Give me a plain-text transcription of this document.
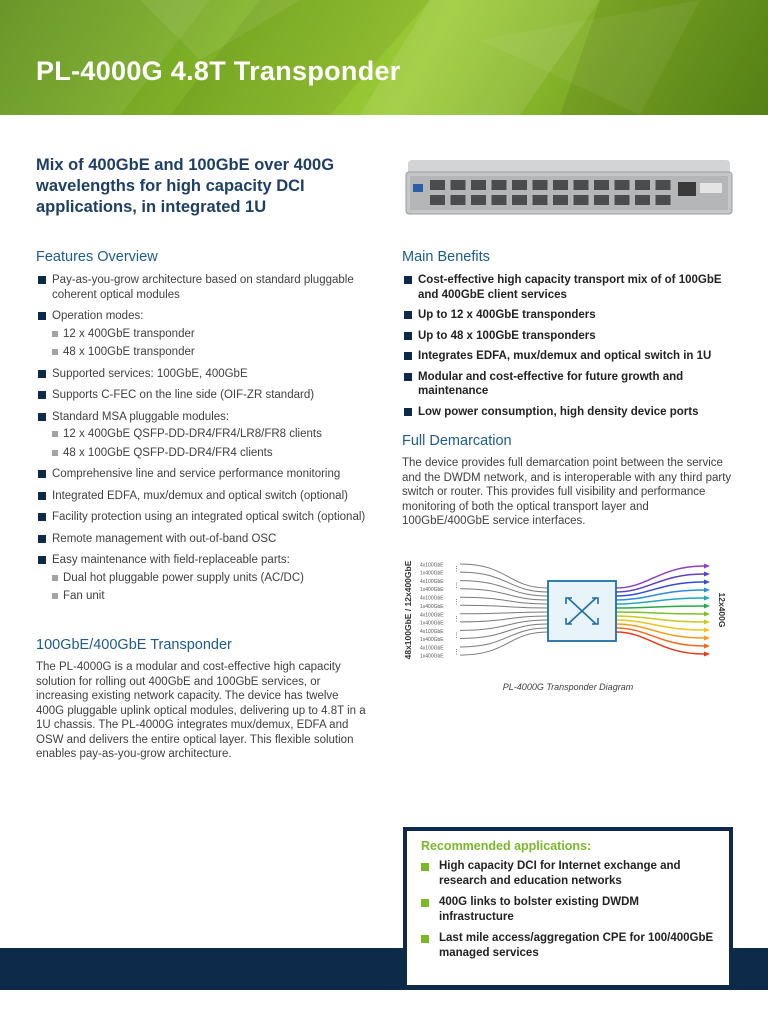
PL-4000G 4.8T Transponder

Mix of 400GbE and 100GbE over 400G wavelengths for high capacity DCI applications, in integrated 1U

Features Overview
Pay-as-you-grow architecture based on standard pluggable coherent optical modules
Operation modes:
12 x 400GbE transponder
48 x 100GbE transponder
Supported services: 100GbE, 400GbE
Supports C-FEC on the line side (OIF-ZR standard)
Standard MSA pluggable modules:
12 x 400GbE QSFP-DD-DR4/FR4/LR8/FR8 clients
48 x 100GbE QSFP-DD-DR4/FR4 clients
Comprehensive line and service performance monitoring
Integrated EDFA, mux/demux and optical switch (optional)
Facility protection using an integrated optical switch (optional)
Remote management with out-of-band OSC
Easy maintenance with field-replaceable parts:
Dual hot pluggable power supply units (AC/DC)
Fan unit
100GbE/400GbE Transponder

The PL-4000G is a modular and cost-effective high capacity solution for rolling out 400GbE and 100GbE services, or increasing existing network capacity. The device has twelve 400G pluggable uplink optical modules, delivering up to 4.8T in a 1U chassis. The PL-4000G integrates mux/demux, EDFA and OSW and delivers the entire optical layer. This flexible solution enables pay-as-you-grow architecture.

Main Benefits
Cost-effective high capacity transport mix of of 100GbE and 400GbE client services
Up to 12 x 400GbE transponders
Up to 48 x 100GbE transponders
Integrates EDFA, mux/demux and optical switch in 1U
Modular and cost-effective for future growth and maintenance
Low power consumption, high density device ports
Full Demarcation

The device provides full demarcation point between the service and the DWDM network, and is interoperable with any third party switch or router. This provides full visibility and performance monitoring of both the optical transport layer and 100GbE/400GbE service interfaces.

48x100GbE / 12x400GbE	12x400G
4x100GbE
⋮
1x400GbE
4x100GbE
⋮
1x400GbE
4x100GbE
⋮
1x400GbE
4x100GbE
⋮
1x400GbE
4x100GbE
⋮
1x400GbE
4x100GbE
⋮
1x400GbE

PL-4000G Transponder Diagram

Recommended applications:
High capacity DCI for Internet exchange and research and education networks
400G links to bolster existing DWDM infrastructure
Last mile access/aggregation CPE for 100/400GbE managed services
